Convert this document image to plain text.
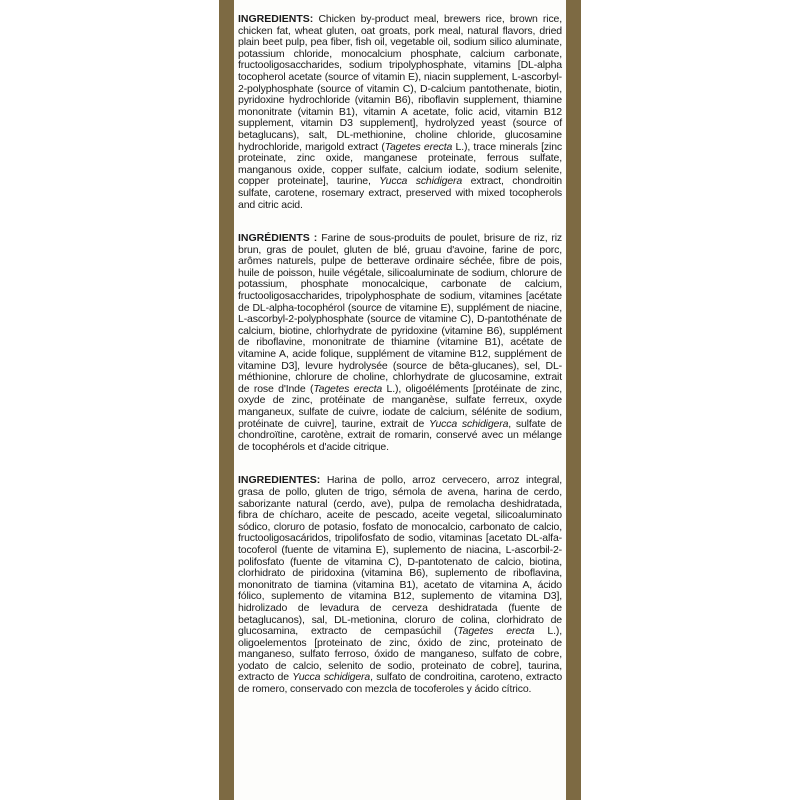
INGREDIENTS: Chicken by-product meal, brewers rice, brown rice, chicken fat, wheat gluten, oat groats, pork meal, natural flavors, dried plain beet pulp, pea fiber, fish oil, vegetable oil, sodium silico aluminate, potassium chloride, monocalcium phosphate, calcium carbonate, fructooligosaccharides, sodium tripolyphosphate, vitamins [DL-alpha tocopherol acetate (source of vitamin E), niacin supplement, L-ascorbyl-2-polyphosphate (source of vitamin C), D-calcium pantothenate, biotin, pyridoxine hydrochloride (vitamin B6), riboflavin supplement, thiamine mononitrate (vitamin B1), vitamin A acetate, folic acid, vitamin B12 supplement, vitamin D3 supplement], hydrolyzed yeast (source of betaglucans), salt, DL-methionine, choline chloride, glucosamine hydrochloride, marigold extract (Tagetes erecta L.), trace minerals [zinc proteinate, zinc oxide, manganese proteinate, ferrous sulfate, manganous oxide, copper sulfate, calcium iodate, sodium selenite, copper proteinate], taurine, Yucca schidigera extract, chondroitin sulfate, carotene, rosemary extract, preserved with mixed tocopherols and citric acid.

INGRÉDIENTS : Farine de sous-produits de poulet, brisure de riz, riz brun, gras de poulet, gluten de blé, gruau d'avoine, farine de porc, arômes naturels, pulpe de betterave ordinaire séchée, fibre de pois, huile de poisson, huile végétale, silicoaluminate de sodium, chlorure de potassium, phosphate monocalcique, carbonate de calcium, fructooligosaccharides, tripolyphosphate de sodium, vitamines [acétate de DL-alpha-tocophérol (source de vitamine E), supplément de niacine, L-ascorbyl-2-polyphosphate (source de vitamine C), D-pantothénate de calcium, biotine, chlorhydrate de pyridoxine (vitamine B6), supplément de riboflavine, mononitrate de thiamine (vitamine B1), acétate de vitamine A, acide folique, supplément de vitamine B12, supplément de vitamine D3], levure hydrolysée (source de bêta-glucanes), sel, DL-méthionine, chlorure de choline, chlorhydrate de glucosamine, extrait de rose d'Inde (Tagetes erecta L.), oligoéléments [protéinate de zinc, oxyde de zinc, protéinate de manganèse, sulfate ferreux, oxyde manganeux, sulfate de cuivre, iodate de calcium, sélénite de sodium, protéinate de cuivre], taurine, extrait de Yucca schidigera, sulfate de chondroïtine, carotène, extrait de romarin, conservé avec un mélange de tocophérols et d'acide citrique.

INGREDIENTES: Harina de pollo, arroz cervecero, arroz integral, grasa de pollo, gluten de trigo, sémola de avena, harina de cerdo, saborizante natural (cerdo, ave), pulpa de remolacha deshidratada, fibra de chícharo, aceite de pescado, aceite vegetal, silicoaluminato sódico, cloruro de potasio, fosfato de monocalcio, carbonato de calcio, fructooligosacáridos, tripolifosfato de sodio, vitaminas [acetato DL-alfa-tocoferol (fuente de vitamina E), suplemento de niacina, L-ascorbil-2-polifosfato (fuente de vitamina C), D-pantotenato de calcio, biotina, clorhidrato de piridoxina (vitamina B6), suplemento de riboflavina, mononitrato de tiamina (vitamina B1), acetato de vitamina A, ácido fólico, suplemento de vitamina B12, suplemento de vitamina D3], hidrolizado de levadura de cerveza deshidratada (fuente de betaglucanos), sal, DL-metionina, cloruro de colina, clorhidrato de glucosamina, extracto de cempasúchil (Tagetes erecta L.), oligoelementos [proteinato de zinc, óxido de zinc, proteinato de manganeso, sulfato ferroso, óxido de manganeso, sulfato de cobre, yodato de calcio, selenito de sodio, proteinato de cobre], taurina, extracto de Yucca schidigera, sulfato de condroitina, caroteno, extracto de romero, conservado con mezcla de tocoferoles y ácido cítrico.
